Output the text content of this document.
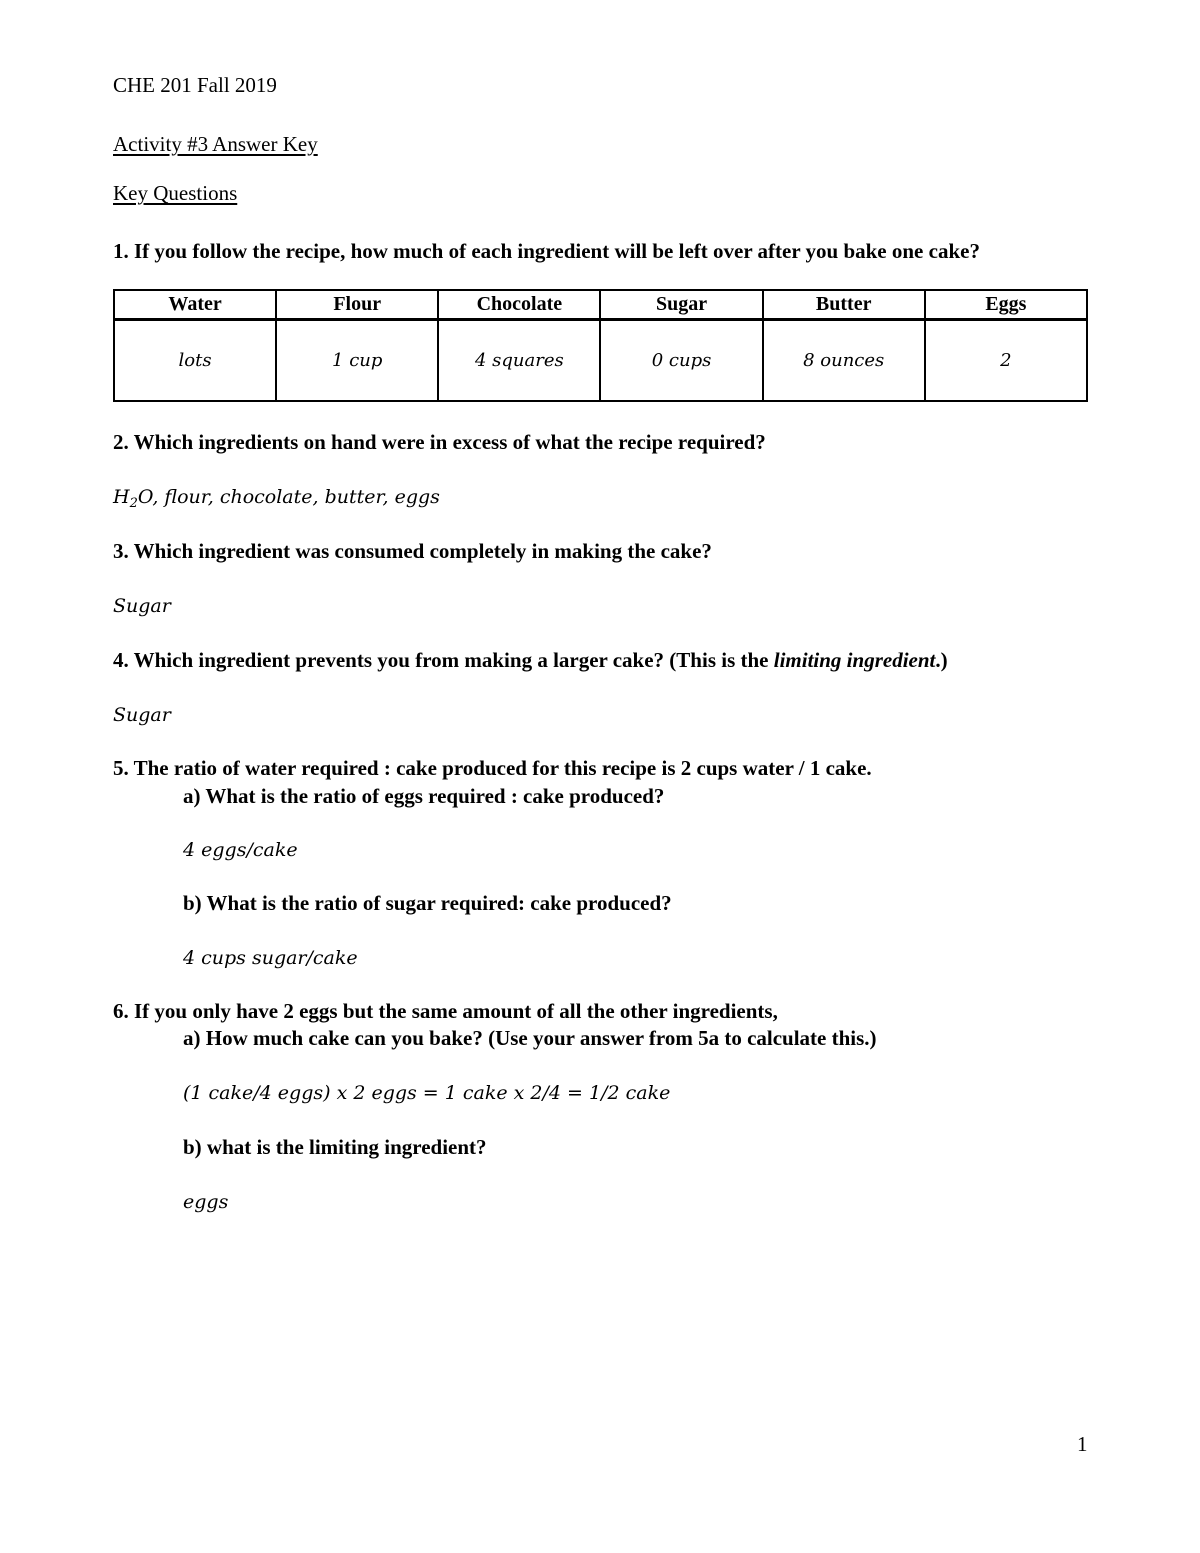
CHE 201 Fall 2019
Activity #3 Answer Key
Key Questions
1. If you follow the recipe, how much of each ingredient will be left over after you bake one cake?
Water	Flour	Chocolate	Sugar	Butter	Eggs
lots	1 cup	4 squares	0 cups	8 ounces	2
2. Which ingredients on hand were in excess of what the recipe required?
$H_2O$, flour, chocolate, butter, eggs
3. Which ingredient was consumed completely in making the cake?
Sugar
4. Which ingredient prevents you from making a larger cake? (This is the limiting ingredient.)
Sugar
5. The ratio of water required : cake produced for this recipe is 2 cups water / 1 cake.
a) What is the ratio of eggs required : cake produced?
4 eggs/cake
b) What is the ratio of sugar required: cake produced?
4 cups sugar/cake
6. If you only have 2 eggs but the same amount of all the other ingredients,
a) How much cake can you bake? (Use your answer from 5a to calculate this.)
(1 cake/4 eggs) x 2 eggs = 1 cake x 2/4 = 1/2 cake
b) what is the limiting ingredient?
eggs
1
